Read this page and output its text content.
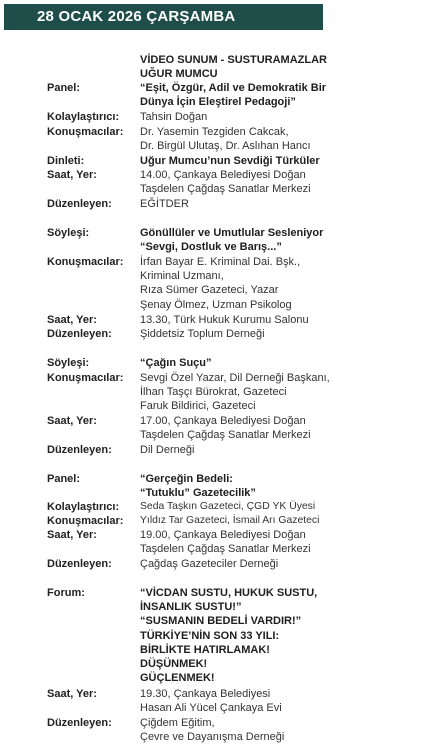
28 OCAK 2026 ÇARŞAMBA
VİDEO SUNUM - SUSTURAMAZLAR
UĞUR MUMCU
Panel:	“Eşit, Özgür, Adil ve Demokratik Bir
Dünya İçin Eleştirel Pedagoji”
Kolaylaştırıcı: Tahsin Doğan
Konuşmacılar: Dr. Yasemin Tezgiden Cakcak,
Dr. Birgül Ulutaş, Dr. Aslıhan Hancı
Dinleti:	Uğur Mumcu’nun Sevdiği Türküler
Saat, Yer:	14.00, Çankaya Belediyesi Doğan
Taşdelen Çağdaş Sanatlar Merkezi
Düzenleyen:	EĞİTDER
Söyleşi:	Gönüllüler ve Umutlular Sesleniyor
“Sevgi, Dostluk ve Barış...”
Konuşmacılar: İrfan Bayar E. Kriminal Dai. Bşk.,
Kriminal Uzmanı,
Rıza Sümer Gazeteci, Yazar
Şenay Ölmez, Uzman Psikolog
Saat, Yer:	13.30, Türk Hukuk Kurumu Salonu
Düzenleyen:	Şiddetsiz Toplum Derneği
Söyleşi:	“Çağın Suçu”
Konuşmacılar: Sevgi Özel Yazar, Dil Derneği Başkanı,
İlhan Taşçı Bürokrat, Gazeteci
Faruk Bildirici, Gazeteci
Saat, Yer:	17.00, Çankaya Belediyesi Doğan
Taşdelen Çağdaş Sanatlar Merkezi
Düzenleyen:	Dil Derneği
Panel:	“Gerçeğin Bedeli:
“Tutuklu” Gazetecilik”
Kolaylaştırıcı: Seda Taşkın Gazeteci, ÇGD YK Üyesi
Konuşmacılar: Yıldız Tar Gazeteci, İsmail Arı Gazeteci
Saat, Yer:	19.00, Çankaya Belediyesi Doğan
Taşdelen Çağdaş Sanatlar Merkezi
Düzenleyen:	Çağdaş Gazeteciler Derneği
Forum:	“VİCDAN SUSTU, HUKUK SUSTU,
İNSANLIK SUSTU!”
“SUSMANIN BEDELİ VARDIR!”
TÜRKİYE’NİN SON 33 YILI:
BİRLİKTE HATIRLAMAK!
DÜŞÜNMEK!
GÜÇLENMEK!
Saat, Yer:	19.30, Çankaya Belediyesi
Hasan Ali Yücel Çankaya Evi
Düzenleyen:	Çiğdem Eğitim,
Çevre ve Dayanışma Derneği
